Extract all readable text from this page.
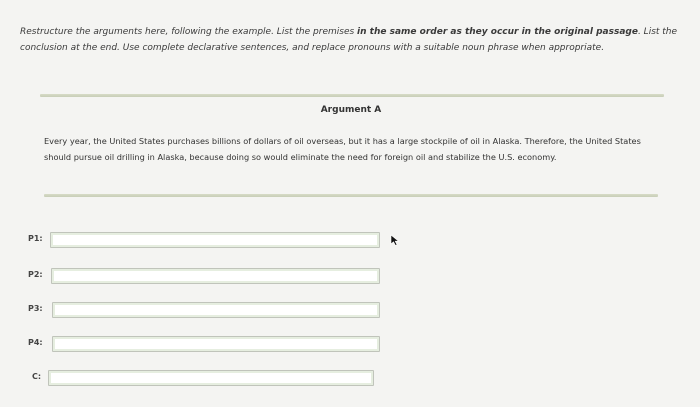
Restructure the arguments here, following the example. List the premises in the same order as they occur in the original passage. List the conclusion at the end. Use complete declarative sentences, and replace pronouns with a suitable noun phrase when appropriate.
Argument A
Every year, the United States purchases billions of dollars of oil overseas, but it has a large stockpile of oil in Alaska. Therefore, the United States should pursue oil drilling in Alaska, because doing so would eliminate the need for foreign oil and stabilize the U.S. economy.
P1:
P2:
P3:
P4:
C:
